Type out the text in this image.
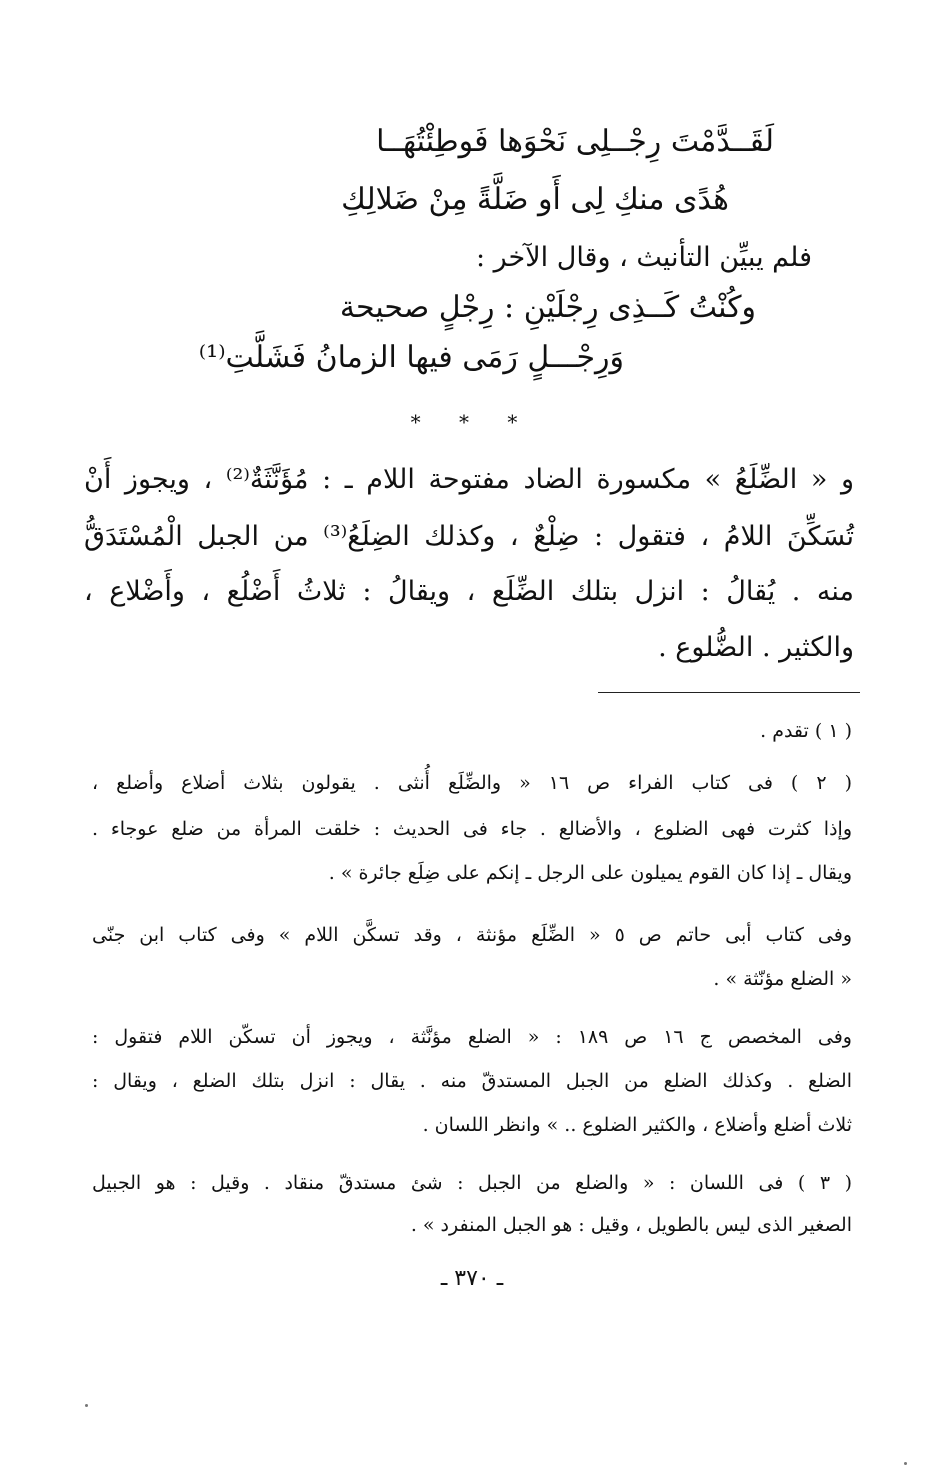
لَقَــدَّمْتَ رِجْــلِى نَحْوَها فَوطِئْتُهَــا
هُدًى منكِ لِى أَو ضَلَّةً مِنْ ضَلالِكِ
فلم يبيِّن التأنيث ، وقال الآخر :
وكُنْتُ كَــذِى رِجْلَيْنِ : رِجْلٍ صحيحة
وَرِجْـــلٍ رَمَى فيها الزمانُ فَشَلَّتِ⁽¹⁾
* * *
و « الضِّلَعُ » مكسورة الضاد مفتوحة اللام ـ : مُؤَنَّثَةٌ⁽²⁾ ، ويجوز أَنْ
تُسَكِّنَ اللامُ ، فتقول : ضِلْعٌ ، وكذلك الضِلَعُ⁽³⁾ من الجبل الْمُسْتَدَقُّ
منه . يُقالُ : انزل بتلك الضِّلَع ، ويقالُ : ثلاثُ أَضْلُع ، وأَضْلاع ،
والكثير . الضُّلوع .
( ١ ) تقدم .
( ٢ ) فى كتاب الفراء ص ١٦ « والضِّلَع أُنثى . يقولون بثلاث أضلاع وأضلع ،
وإذا كثرت فهى الضلوع ، والأضالع . جاء فى الحديث : خلقت المرأة من ضلع عوجاء .
ويقال ـ إذا كان القوم يميلون على الرجل ـ إنكم على ضِلَع جائرة » .
وفى كتاب أبى حاتم ص ٥ « الضِّلَع مؤنثة ، وقد تسكَّن اللام » وفى كتاب ابن جنّى
« الضلع مؤنّثة » .
وفى المخصص ج ١٦ ص ١٨٩ : « الضلع مؤنَّثة ، ويجوز أن تسكّن اللام فتقول :
الضلع . وكذلك الضلع من الجبل المستدقّ منه . يقال : انزل بتلك الضلع ، ويقال :
ثلاث أضلع وأضلاع ، والكثير الضلوع .. » وانظر اللسان .
( ٣ ) فى اللسان : « والضلع من الجبل : شئ مستدقّ منقاد . وقيل : هو الجبيل
الصغير الذى ليس بالطويل ، وقيل : هو الجبل المنفرد » .
ـ ٣٧٠ ـ
